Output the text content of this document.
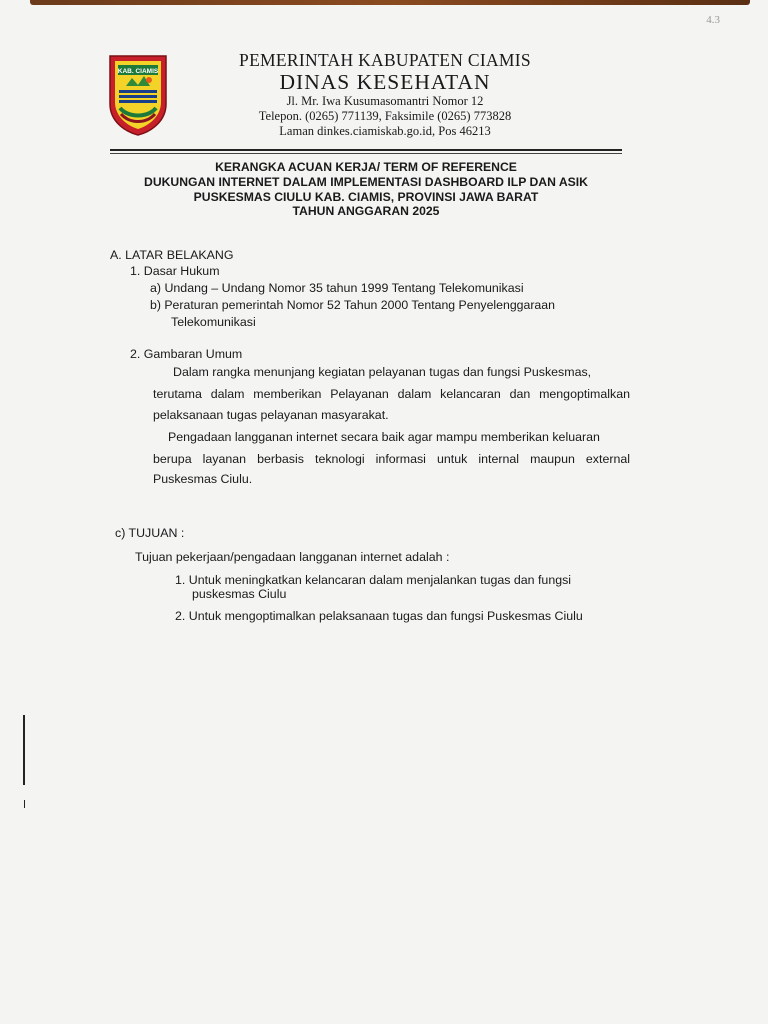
4.3
KAB. CIAMIS
PEMERINTAH KABUPATEN CIAMIS
DINAS KESEHATAN
Jl. Mr. Iwa Kusumasomantri Nomor 12
Telepon. (0265) 771139, Faksimile (0265) 773828
Laman dinkes.ciamiskab.go.id, Pos 46213
KERANGKA ACUAN KERJA/ TERM OF REFERENCE
DUKUNGAN INTERNET DALAM IMPLEMENTASI DASHBOARD ILP DAN ASIK
PUSKESMAS CIULU KAB. CIAMIS, PROVINSI JAWA BARAT
TAHUN ANGGARAN 2025
A. LATAR BELAKANG
1. Dasar Hukum
a) Undang – Undang Nomor 35 tahun 1999 Tentang Telekomunikasi
b) Peraturan pemerintah Nomor 52 Tahun 2000 Tentang Penyelenggaraan
Telekomunikasi
2. Gambaran Umum
Dalam rangka menunjang kegiatan pelayanan tugas dan fungsi Puskesmas,
terutama dalam memberikan Pelayanan dalam kelancaran dan mengoptimalkan
pelaksanaan tugas pelayanan masyarakat.
Pengadaan langganan internet secara baik agar mampu memberikan keluaran
berupa layanan berbasis teknologi informasi untuk internal maupun external
Puskesmas Ciulu.
c) TUJUAN :
Tujuan pekerjaan/pengadaan langganan internet adalah :
1. Untuk meningkatkan kelancaran dalam menjalankan tugas dan fungsi
puskesmas Ciulu
2. Untuk mengoptimalkan pelaksanaan tugas dan fungsi Puskesmas Ciulu
